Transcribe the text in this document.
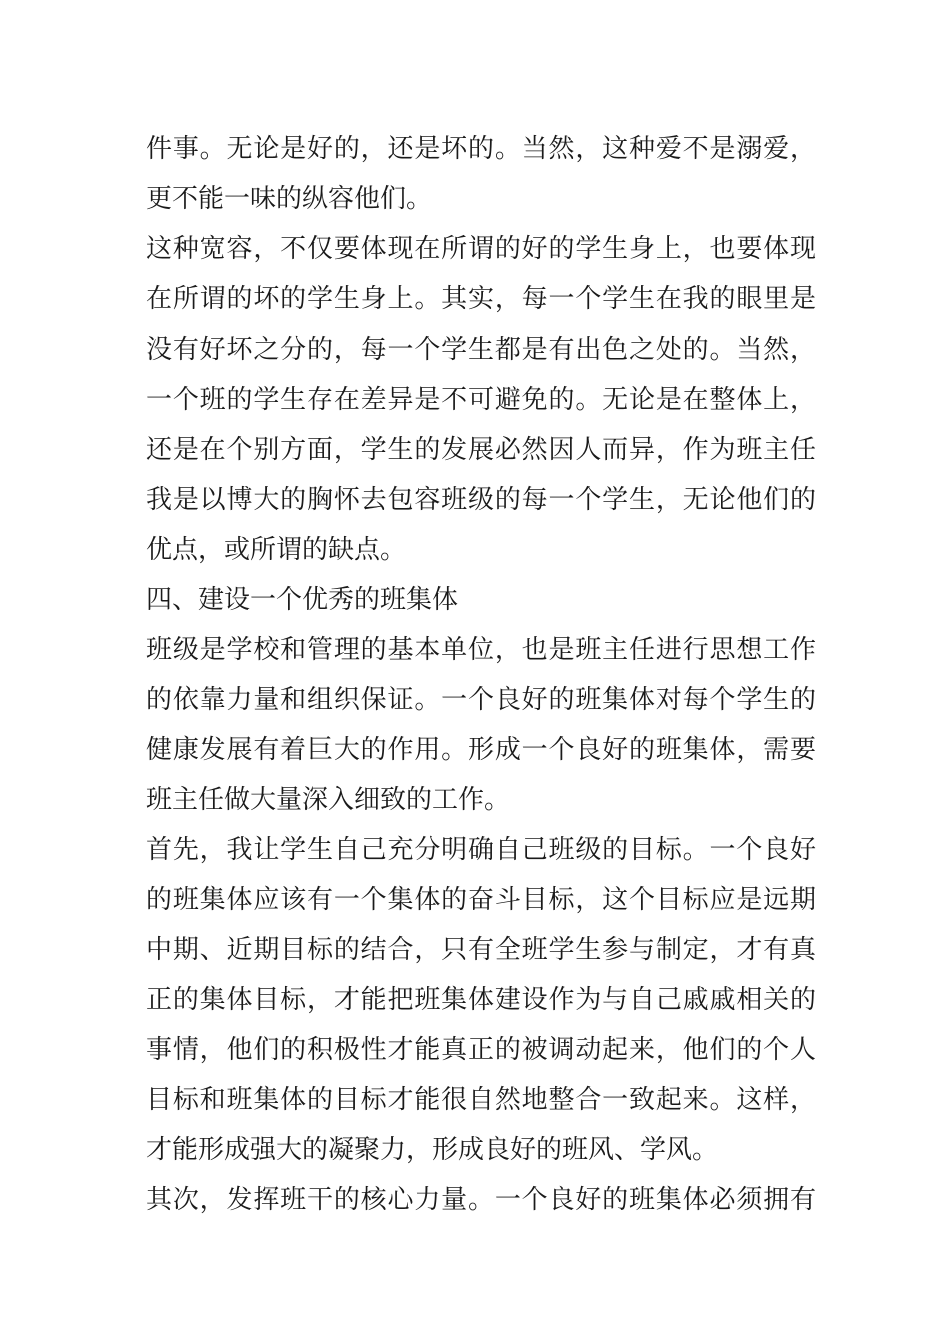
件事。无论是好的，还是坏的。当然，这种爱不是溺爱，
更不能一味的纵容他们。
这种宽容，不仅要体现在所谓的好的学生身上，也要体现
在所谓的坏的学生身上。其实，每一个学生在我的眼里是
没有好坏之分的，每一个学生都是有出色之处的。当然，
一个班的学生存在差异是不可避免的。无论是在整体上，
还是在个别方面，学生的发展必然因人而异，作为班主任
我是以博大的胸怀去包容班级的每一个学生，无论他们的
优点，或所谓的缺点。
四、建设一个优秀的班集体
班级是学校和管理的基本单位，也是班主任进行思想工作
的依靠力量和组织保证。一个良好的班集体对每个学生的
健康发展有着巨大的作用。形成一个良好的班集体，需要
班主任做大量深入细致的工作。
首先，我让学生自己充分明确自己班级的目标。一个良好
的班集体应该有一个集体的奋斗目标，这个目标应是远期
中期、近期目标的结合，只有全班学生参与制定，才有真
正的集体目标，才能把班集体建设作为与自己戚戚相关的
事情，他们的积极性才能真正的被调动起来，他们的个人
目标和班集体的目标才能很自然地整合一致起来。这样，
才能形成强大的凝聚力，形成良好的班风、学风。
其次，发挥班干的核心力量。一个良好的班集体必须拥有
